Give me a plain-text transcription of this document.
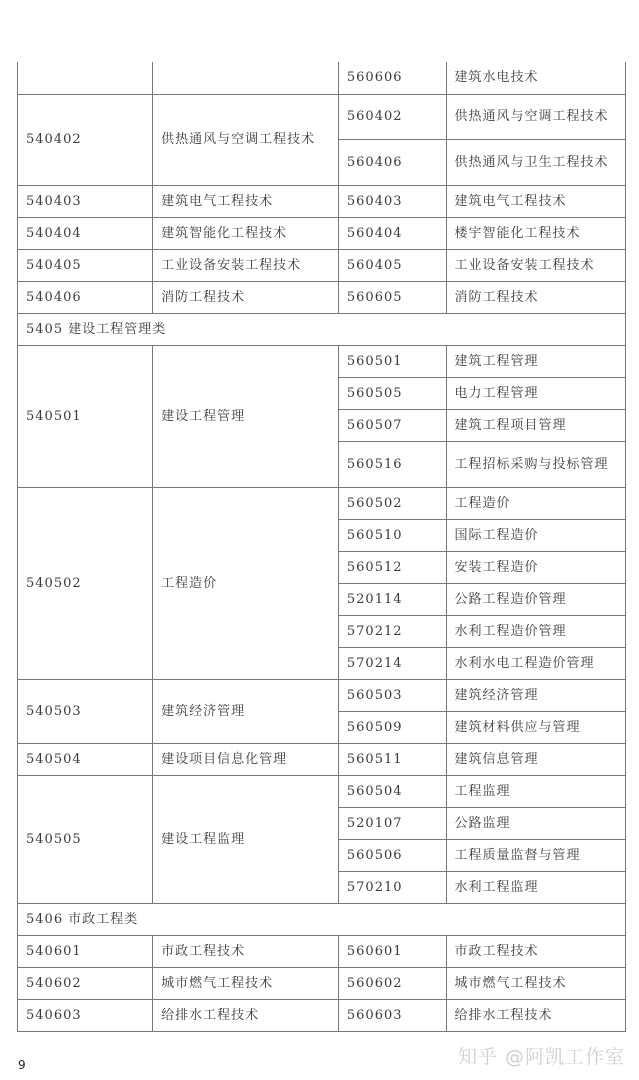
		560606	建筑水电技术
540402	供热通风与空调工程技术	560402	供热通风与空调工程技术
		560406	供热通风与卫生工程技术
540403	建筑电气工程技术	560403	建筑电气工程技术
540404	建筑智能化工程技术	560404	楼宇智能化工程技术
540405	工业设备安装工程技术	560405	工业设备安装工程技术
540406	消防工程技术	560605	消防工程技术
5405 建设工程管理类			
540501	建设工程管理	560501	建筑工程管理
		560505	电力工程管理
		560507	建筑工程项目管理
		560516	工程招标采购与投标管理
540502	工程造价	560502	工程造价
		560510	国际工程造价
		560512	安装工程造价
		520114	公路工程造价管理
		570212	水利工程造价管理
		570214	水利水电工程造价管理
540503	建筑经济管理	560503	建筑经济管理
		560509	建筑材料供应与管理
540504	建设项目信息化管理	560511	建筑信息管理
540505	建设工程监理	560504	工程监理
		520107	公路监理
		560506	工程质量监督与管理
		570210	水利工程监理
5406 市政工程类			
540601	市政工程技术	560601	市政工程技术
540602	城市燃气工程技术	560602	城市燃气工程技术
540603	给排水工程技术	560603	给排水工程技术
知乎 @阿凯工作室
9
